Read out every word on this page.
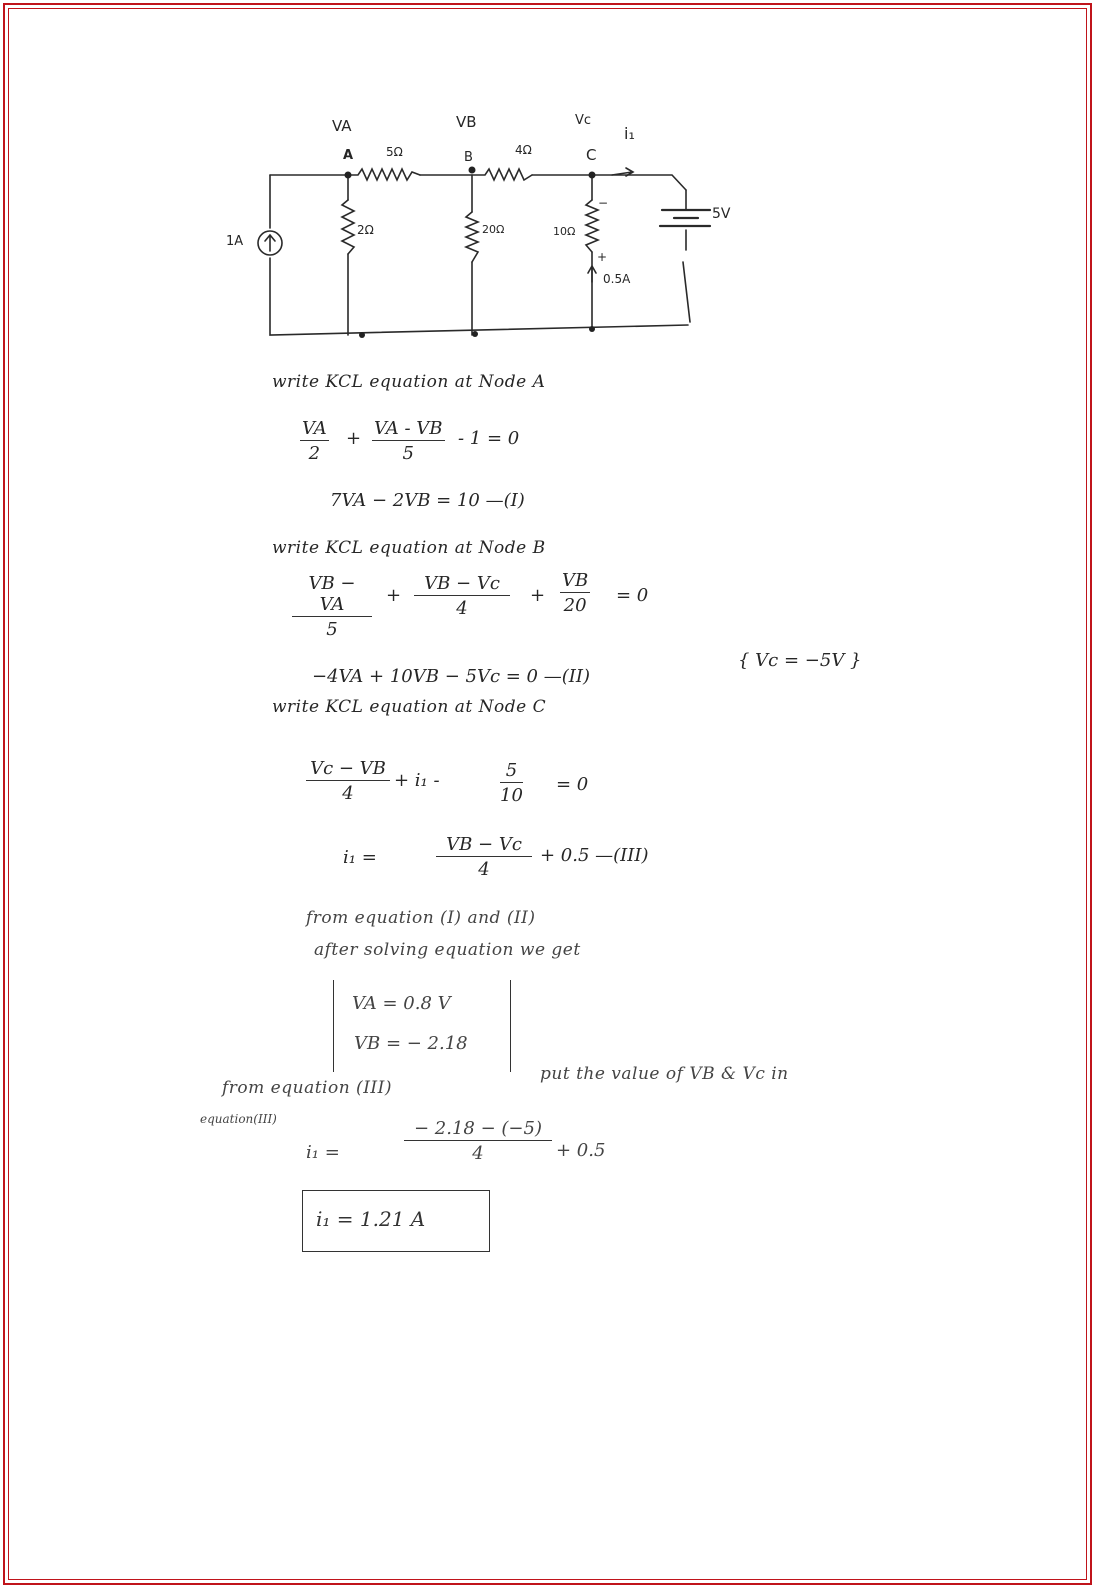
VA	VB	Vc
A	B	C
i₁
5Ω	4Ω
1A
2Ω	20Ω	10Ω
−
+
0.5A
5V
write KCL equation at Node A
VA
2
+ VA - VB
5
- 1 = 0
7VA − 2VB = 10 —(I)
write KCL equation at Node B
VB − VA
5
+
VB − Vc
4
+
VB
20 = 0
−4VA + 10VB − 5Vc = 0 —(II)
{ Vc = −5V }
write KCL equation at Node C
Vc − VB
4
+ i₁ -	5
10
= 0
i₁ =
VB − Vc
4
+ 0.5 —(III)
from equation (I) and (II)
after solving equation we get
VA = 0.8 V
VB = − 2.18
from equation (III)
put the value of VB & Vc in
equation(III)
i₁ =
− 2.18 − (−5)
4	+ 0.5
i₁ = 1.21 A
